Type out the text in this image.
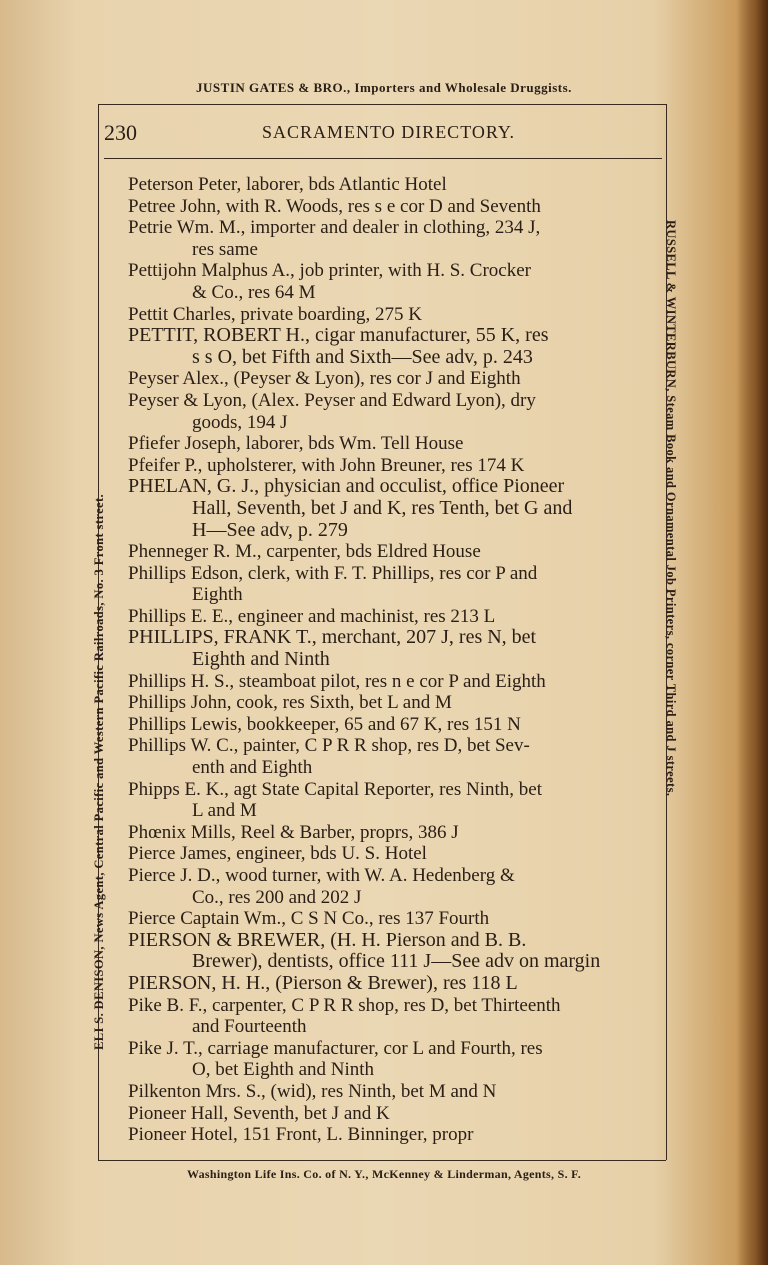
JUSTIN GATES & BRO., Importers and Wholesale Druggists.
230	SACRAMENTO DIRECTORY.
ELI S. DENISON, News Agent, Central Pacific and Western Pacific Railroads, No. 3 Front street.	RUSSELL & WINTERBURN, Steam Book and Ornamental Job Printers, corner Third and J streets.

Peterson Peter, laborer, bds Atlantic Hotel

Petree John, with R. Woods, res s e cor D and Seventh

Petrie Wm. M., importer and dealer in clothing, 234 J,
res same

Pettijohn Malphus A., job printer, with H. S. Crocker
& Co., res 64 M

Pettit Charles, private boarding, 275 K

PETTIT, ROBERT H., cigar manufacturer, 55 K, res
s s O, bet Fifth and Sixth—See adv, p. 243

Peyser Alex., (Peyser & Lyon), res cor J and Eighth

Peyser & Lyon, (Alex. Peyser and Edward Lyon), dry
goods, 194 J

Pfiefer Joseph, laborer, bds Wm. Tell House

Pfeifer P., upholsterer, with John Breuner, res 174 K

PHELAN, G. J., physician and occulist, office Pioneer
Hall, Seventh, bet J and K, res Tenth, bet G and
H—See adv, p. 279

Phenneger R. M., carpenter, bds Eldred House

Phillips Edson, clerk, with F. T. Phillips, res cor P and
Eighth

Phillips E. E., engineer and machinist, res 213 L

PHILLIPS, FRANK T., merchant, 207 J, res N, bet
Eighth and Ninth

Phillips H. S., steamboat pilot, res n e cor P and Eighth

Phillips John, cook, res Sixth, bet L and M

Phillips Lewis, bookkeeper, 65 and 67 K, res 151 N

Phillips W. C., painter, C P R R shop, res D, bet Sev-
enth and Eighth

Phipps E. K., agt State Capital Reporter, res Ninth, bet
L and M

Phœnix Mills, Reel & Barber, proprs, 386 J

Pierce James, engineer, bds U. S. Hotel

Pierce J. D., wood turner, with W. A. Hedenberg &
Co., res 200 and 202 J

Pierce Captain Wm., C S N Co., res 137 Fourth

PIERSON & BREWER, (H. H. Pierson and B. B.
Brewer), dentists, office 111 J—See adv on margin

PIERSON, H. H., (Pierson & Brewer), res 118 L

Pike B. F., carpenter, C P R R shop, res D, bet Thirteenth
and Fourteenth

Pike J. T., carriage manufacturer, cor L and Fourth, res
O, bet Eighth and Ninth

Pilkenton Mrs. S., (wid), res Ninth, bet M and N

Pioneer Hall, Seventh, bet J and K

Pioneer Hotel, 151 Front, L. Binninger, propr

Washington Life Ins. Co. of N. Y., McKenney & Linderman, Agents, S. F.
